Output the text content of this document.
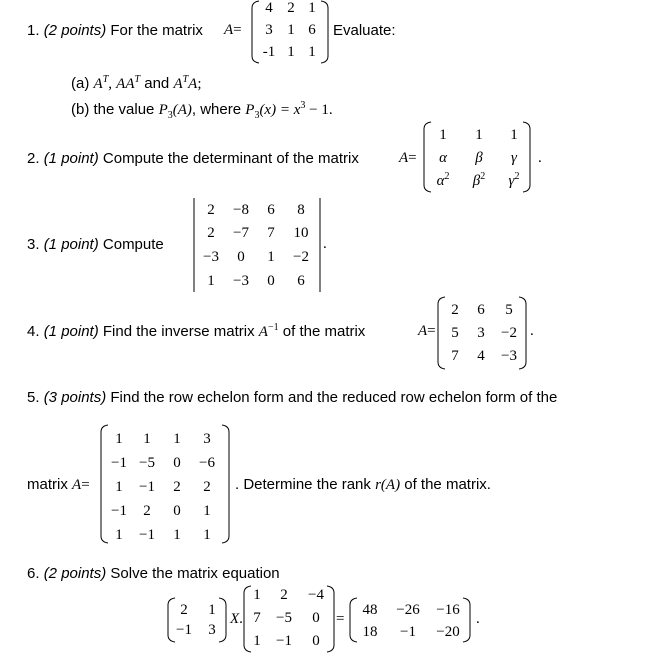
1. (2 points) For the matrix A=
4 2 1
3 1 6
-1 1 1
Evaluate:
(a) $A^T$, $AA^T$ and $A^TA$;
(b) the value $P_3(A)$, where $P_3(x) = x^3 - 1$.
2. (1 point) Compute the determinant of the matrix	A=
1	1	1
α	β	γ
$\alpha^2$	$\beta^2$	$\gamma^2$
.
3. (1 point) Compute
2	−8	6	8
2	−7	7	10
−3	0	1	−2
1	−3	0	6
.
4. (1 point) Find the inverse matrix $A^{-1}$ of the matrix	A=
2	6	5
5	3	−2
7	4	−3
.
5. (3 points) Find the row echelon form and the reduced row echelon form of the
matrix A=
1	1	1	3
−1 −5	0	−6
1	−1	2	2
−1	2	0	1
1	−1	1	1
. Determine the rank r(A) of the matrix.
6. (2 points) Solve the matrix equation
2	1
−1	3
X.
1	2	−4
7	−5	0
1	−1	0
=
48	−26 −16
18	−1	−20
.
